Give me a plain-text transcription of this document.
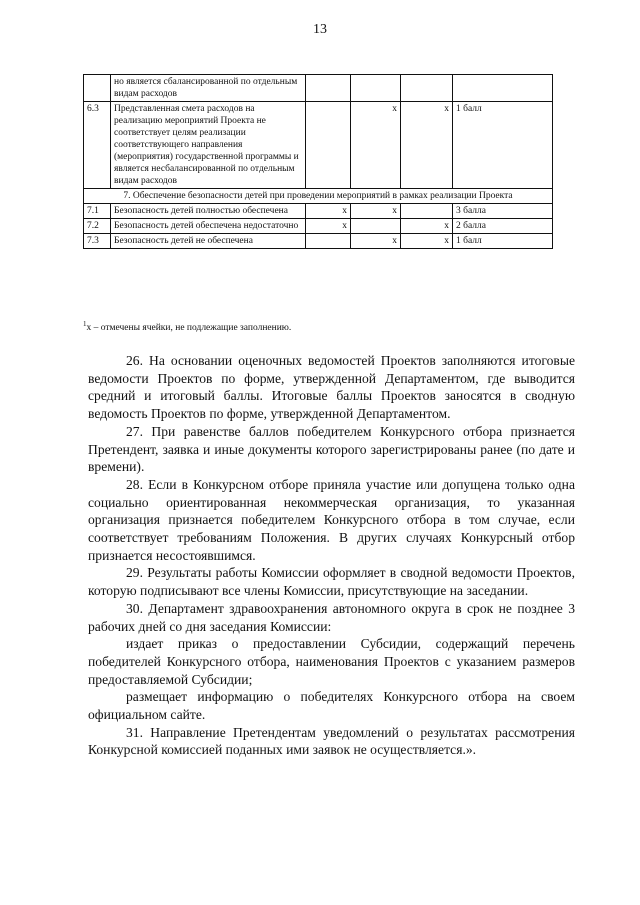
13
	но является сбалансированной по отдельным видам расходов				
6.3	Представленная смета расходов на реализацию мероприятий Проекта не соответствует целям реализации соответствующего направления (мероприятия) государственной программы и является несбалансированной по отдельным видам расходов		x	x	1 балл
7. Обеспечение безопасности детей при проведении мероприятий в рамках реализации Проекта					
7.1	Безопасность детей полностью обеспечена	x	x		3 балла
7.2	Безопасность детей обеспечена недостаточно	x		x	2 балла
7.3	Безопасность детей не обеспечена		x	x	1 балл
$^1$x – отмечены ячейки, не подлежащие заполнению.

26. На основании оценочных ведомостей Проектов заполняются итоговые ведомости Проектов по форме, утвержденной Департаментом, где выводится средний и итоговый баллы. Итоговые баллы Проектов заносятся в сводную ведомость Проектов по форме, утвержденной Департаментом.

27. При равенстве баллов победителем Конкурсного отбора признается Претендент, заявка и иные документы которого зарегистрированы ранее (по дате и времени).

28. Если в Конкурсном отборе приняла участие или допущена только одна социально ориентированная некоммерческая организация, то указанная организация признается победителем Конкурсного отбора в том случае, если соответствует требованиям Положения. В других случаях Конкурсный отбор признается несостоявшимся.

29. Результаты работы Комиссии оформляет в сводной ведомости Проектов, которую подписывают все члены Комиссии, присутствующие на заседании.

30. Департамент здравоохранения автономного округа в срок не позднее 3 рабочих дней со дня заседания Комиссии:

издает приказ о предоставлении Субсидии, содержащий перечень победителей Конкурсного отбора, наименования Проектов с указанием размеров предоставляемой Субсидии;

размещает информацию о победителях Конкурсного отбора на своем официальном сайте.

31. Направление Претендентам уведомлений о результатах рассмотрения Конкурсной комиссией поданных ими заявок не осуществляется.».
